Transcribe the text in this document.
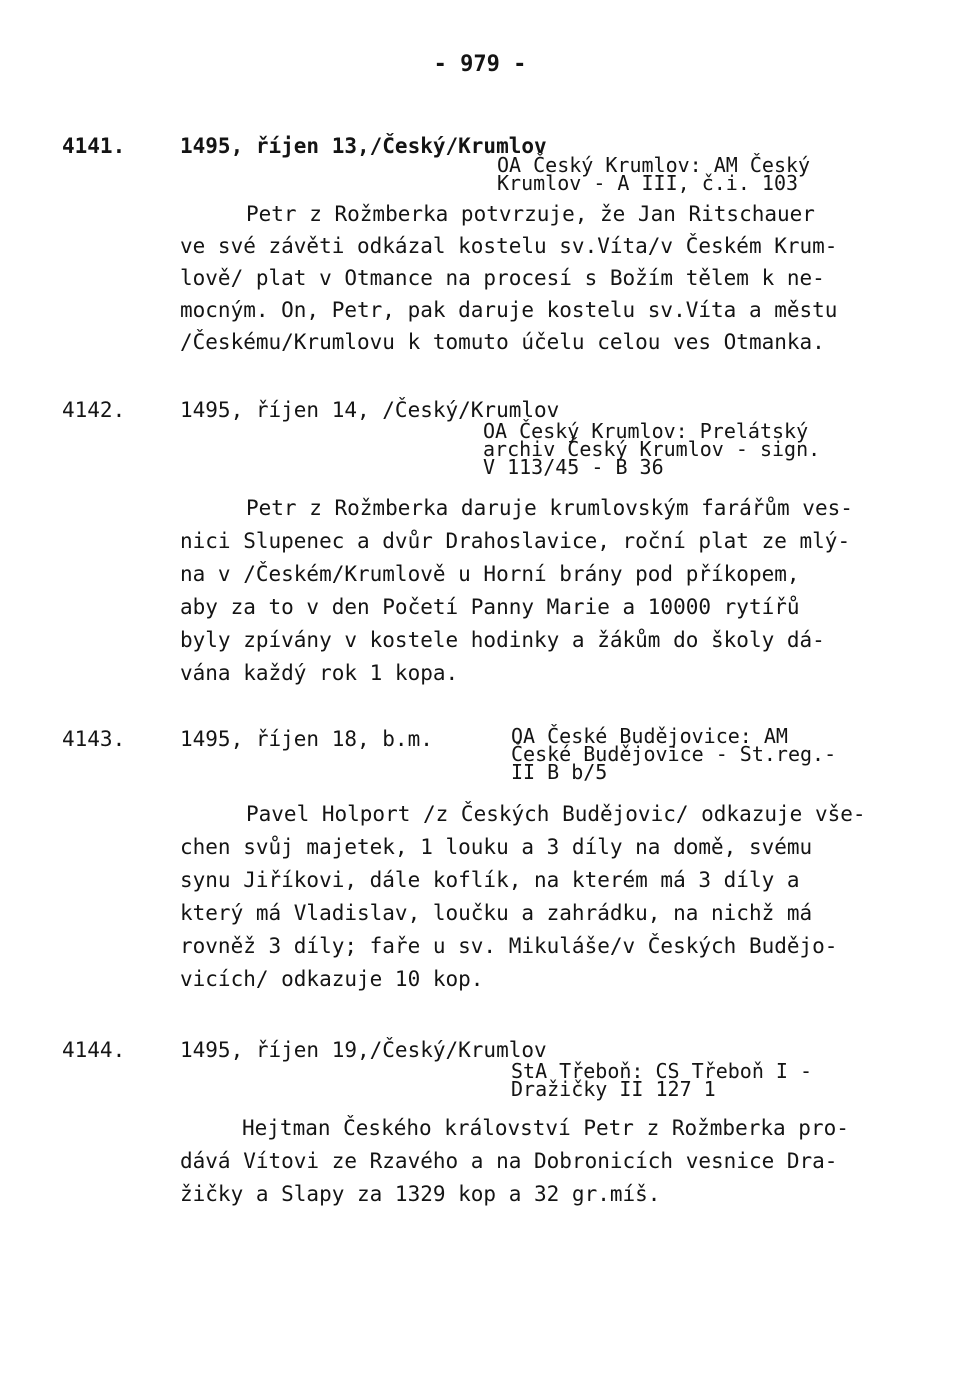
- 979 -
4141.	1495, říjen 13,/Český/Krumlov
OA Český Krumlov: AM Český
Krumlov - A III, č.i. 103
Petr z Rožmberka potvrzuje, že Jan Ritschauer
ve své závěti odkázal kostelu sv.Víta/v Českém Krum-
lově/ plat v Otmance na procesí s Božím tělem k ne-
mocným. On, Petr, pak daruje kostelu sv.Víta a městu
/Českému/Krumlovu k tomuto účelu celou ves Otmanka.
4142.	1495, říjen 14, /Český/Krumlov
OA Český Krumlov: Prelátský
archiv Český Krumlov - sign.
V 113/45 - B 36
Petr z Rožmberka daruje krumlovským farářům ves-
nici Slupenec a dvůr Drahoslavice, roční plat ze mlý-
na v /Českém/Krumlově u Horní brány pod příkopem,
aby za to v den Početí Panny Marie a 10000 rytířů
byly zpívány v kostele hodinky a žákům do školy dá-
vána každý rok 1 kopa.
4143.	1495, říjen 18, b.m.	OA České Budějovice: AM
České Budějovice - St.reg.-
II B b/5
Pavel Holport /z Českých Budějovic/ odkazuje vše-
chen svůj majetek, 1 louku a 3 díly na domě, svému
synu Jiříkovi, dále koflík, na kterém má 3 díly a
který má Vladislav, loučku a zahrádku, na nichž má
rovněž 3 díly; faře u sv. Mikuláše/v Českých Budějo-
vicích/ odkazuje 10 kop.
4144.	1495, říjen 19,/Český/Krumlov
StA Třeboň: CS Třeboň I -
Dražičky II 127 1
Hejtman Českého království Petr z Rožmberka pro-
dává Vítovi ze Rzavého a na Dobronicích vesnice Dra-
žičky a Slapy za 1329 kop a 32 gr.míš.
